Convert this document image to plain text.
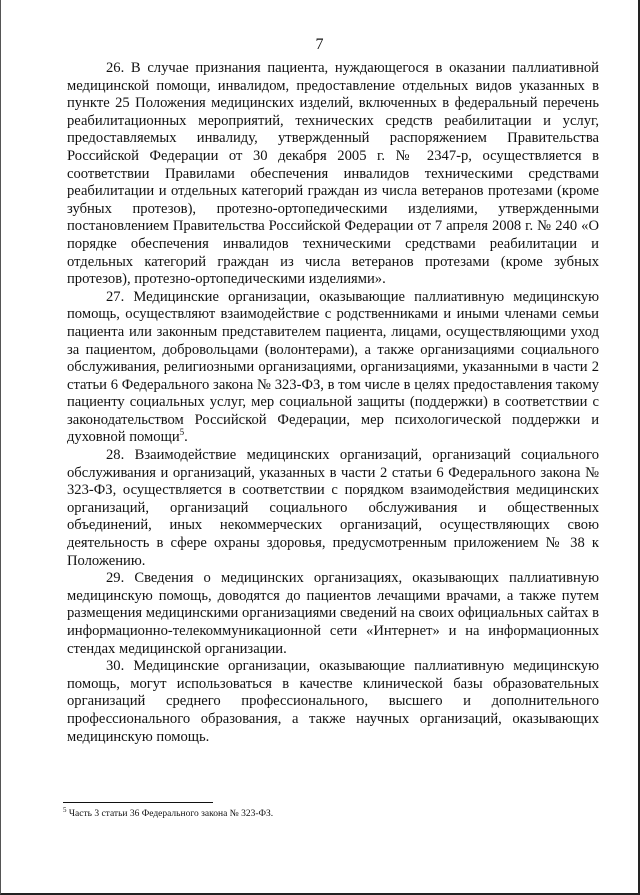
7

26. В случае признания пациента, нуждающегося в оказании паллиативной медицинской помощи, инвалидом, предоставление отдельных видов указанных в пункте 25 Положения медицинских изделий, включенных в федеральный перечень реабилитационных мероприятий, технических средств реабилитации и услуг, предоставляемых инвалиду, утвержденный распоряжением Правительства Российской Федерации от 30 декабря 2005 г. № 2347-р, осуществляется в соответствии Правилами обеспечения инвалидов техническими средствами реабилитации и отдельных категорий граждан из числа ветеранов протезами (кроме зубных протезов), протезно-ортопедическими изделиями, утвержденными постановлением Правительства Российской Федерации от 7 апреля 2008 г. № 240 «О порядке обеспечения инвалидов техническими средствами реабилитации и отдельных категорий граждан из числа ветеранов протезами (кроме зубных протезов), протезно-ортопедическими изделиями».

27. Медицинские организации, оказывающие паллиативную медицинскую помощь, осуществляют взаимодействие с родственниками и иными членами семьи пациента или законным представителем пациента, лицами, осуществляющими уход за пациентом, добровольцами (волонтерами), а также организациями социального обслуживания, религиозными организациями, организациями, указанными в части 2 статьи 6 Федерального закона № 323-ФЗ, в том числе в целях предоставления такому пациенту социальных услуг, мер социальной защиты (поддержки) в соответствии с законодательством Российской Федерации, мер психологической поддержки и духовной помощи$^5$.

28. Взаимодействие медицинских организаций, организаций социального обслуживания и организаций, указанных в части 2 статьи 6 Федерального закона № 323-ФЗ, осуществляется в соответствии с порядком взаимодействия медицинских организаций, организаций социального обслуживания и общественных объединений, иных некоммерческих организаций, осуществляющих свою деятельность в сфере охраны здоровья, предусмотренным приложением № 38 к Положению.

29. Сведения о медицинских организациях, оказывающих паллиативную медицинскую помощь, доводятся до пациентов лечащими врачами, а также путем размещения медицинскими организациями сведений на своих официальных сайтах в информационно-телекоммуникационной сети «Интернет» и на информационных стендах медицинской организации.

30. Медицинские организации, оказывающие паллиативную медицинскую помощь, могут использоваться в качестве клинической базы образовательных организаций среднего профессионального, высшего и дополнительного профессионального образования, а также научных организаций, оказывающих медицинскую помощь.

$^5$ Часть 3 статьи 36 Федерального закона № 323-ФЗ.
